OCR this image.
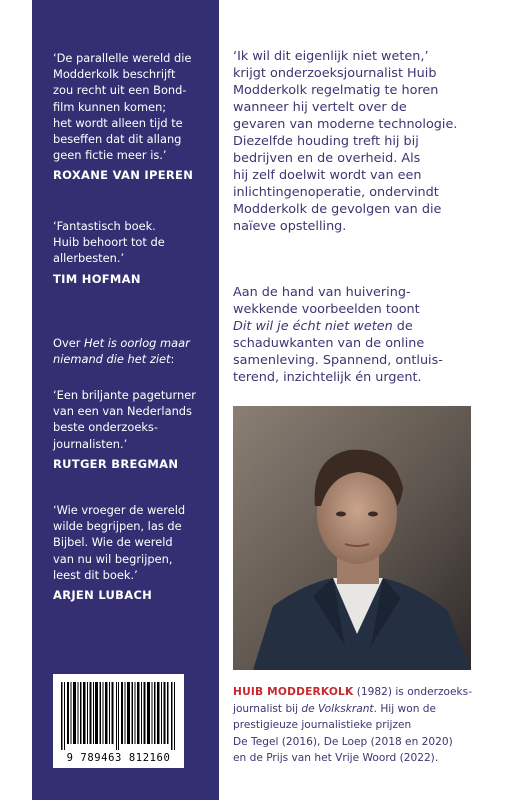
‘De parallelle wereld die
Modderkolk beschrijft
zou recht uit een Bond-
film kunnen komen;
het wordt alleen tijd te
beseffen dat dit allang
geen fictie meer is.’
ROXANE VAN IPEREN
‘Fantastisch boek.
Huib behoort tot de
allerbesten.’
TIM HOFMAN
Over Het is oorlog maar
niemand die het ziet:
‘Een briljante pageturner
van een van Nederlands
beste onderzoeks-
journalisten.’
RUTGER BREGMAN
‘Wie vroeger de wereld
wilde begrijpen, las de
Bijbel. Wie de wereld
van nu wil begrijpen,
leest dit boek.’
ARJEN LUBACH
9 789463 812160
‘Ik wil dit eigenlijk niet weten,’
krijgt onderzoeksjournalist Huib
Modderkolk regelmatig te horen
wanneer hij vertelt over de
gevaren van moderne technologie.
Diezelfde houding treft hij bij
bedrijven en de overheid. Als
hij zelf doelwit wordt van een
inlichtingenoperatie, ondervindt
Modderkolk de gevolgen van die
naïeve opstelling.
Aan de hand van huivering-
wekkende voorbeelden toont
Dit wil je écht niet weten de
schaduwkanten van de online
samenleving. Spannend, ontluis-
terend, inzichtelijk én urgent.
HUIB MODDERKOLK (1982) is onderzoeks-
journalist bij de Volkskrant. Hij won de
prestigieuze journalistieke prijzen
De Tegel (2016), De Loep (2018 en 2020)
en de Prijs van het Vrije Woord (2022).
